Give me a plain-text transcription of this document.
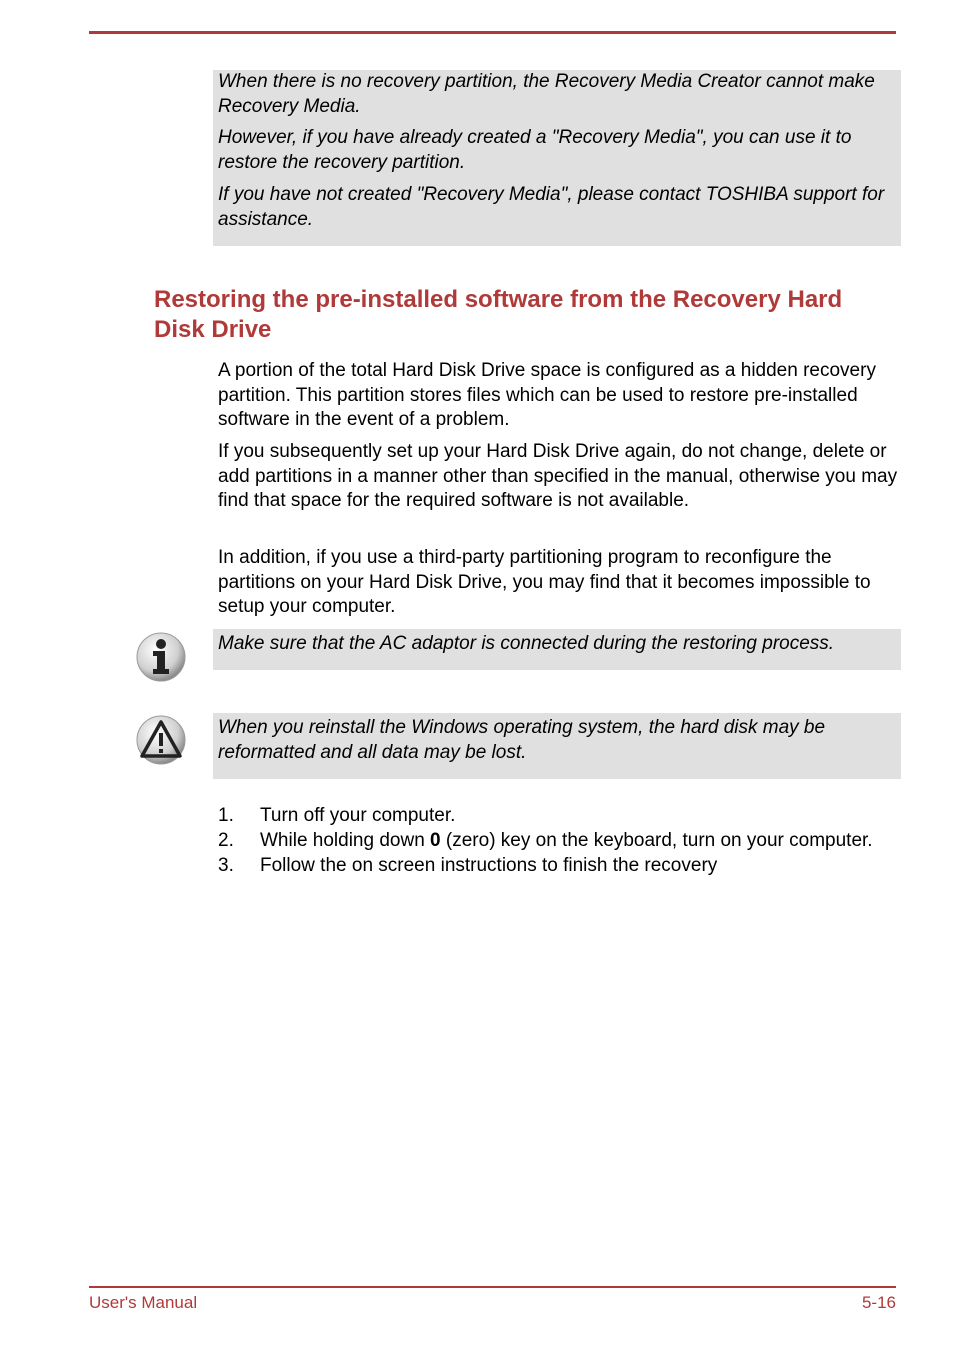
When there is no recovery partition, the Recovery Media Creator cannot make Recovery Media.

However, if you have already created a "Recovery Media", you can use it to restore the recovery partition.

If you have not created "Recovery Media", please contact TOSHIBA support for assistance.

Restoring the pre-installed software from the Recovery Hard Disk Drive

A portion of the total Hard Disk Drive space is configured as a hidden recovery partition. This partition stores files which can be used to restore pre-installed software in the event of a problem.

If you subsequently set up your Hard Disk Drive again, do not change, delete or add partitions in a manner other than specified in the manual, otherwise you may find that space for the required software is not available.

In addition, if you use a third-party partitioning program to reconfigure the partitions on your Hard Disk Drive, you may find that it becomes impossible to setup your computer.

Make sure that the AC adaptor is connected during the restoring process.

When you reinstall the Windows operating system, the hard disk may be reformatted and all data may be lost.

1. Turn off your computer.
2. While holding down 0 (zero) key on the keyboard, turn on your computer.
3. Follow the on screen instructions to finish the recovery
User's Manual	5-16
